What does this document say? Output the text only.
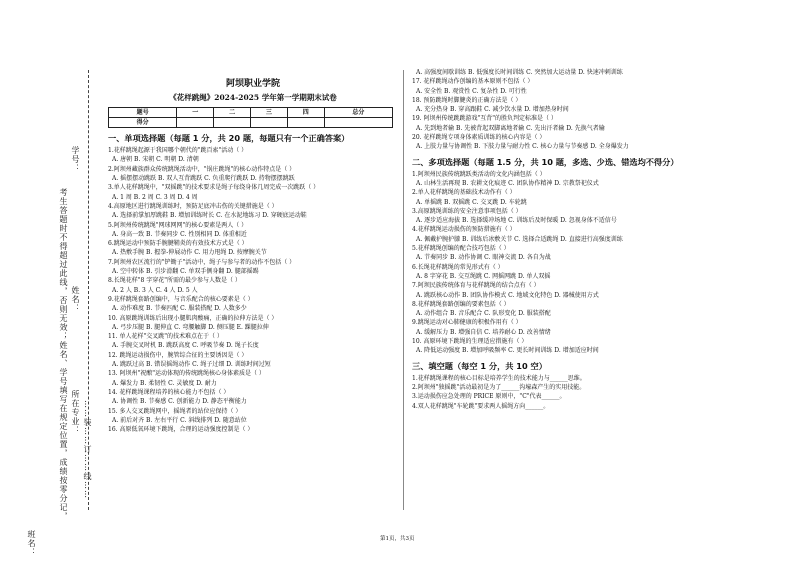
学号：
姓名：
考生答题时不得超过此线，否则无效；姓名、学号填写在规定位置，成绩按零分记， 所在专业： ……装……订……线……
班名：
阿坝职业学院
《花样跳绳》2024-2025 学年第一学期期末试卷
题号	一	二	三	四	总分
得分					
一、单项选择题（每题 1 分，共 20 题，每题只有一个正确答案）
1.花样跳绳起源于我国哪个朝代的"跳百索"活动（ ）
A. 唐朝 B. 宋朝 C. 明朝 D. 清朝
2.阿坝州藏族群众传统跳绳活动中，"锅庄跳绳"的核心动作特点是（ ）
A. 摇摆摆动跳跃 B. 双人互背跳跃 C. 负重爬行跳跃 D. 持物摆摆跳跃
3.单人花样跳绳中，"双摇跳"的技术要求是绳子每绕身体几周完成一次跳跃（ ）
A. 1 周 B. 2 周 C. 3 周 D. 4 周
4.高原地区进行跳绳训练时，预防足底冲击伤的关键措施是（ ）
A. 选择前掌加厚跳鞋 B. 增加训练时长 C. 在水泥地练习 D. 穿硬底运动鞋
5.阿坝州传统跳绳"网球网网"的核心要素是两人（ ）
A. 身高一致 B. 节奏同步 C. 性别相同 D. 体重相近
6.跳绳运动中预防手腕腱鞘炎的有效技术方式是（ ）
A. 热敷手腕 B. 握拳-伸展动作 C. 用力甩绳 D. 按摩腕关节
7.阿坝州农区流行的"铲锄子"活动中，绳子与参与者的动作不包括（ ）
A. 空中转体 B. 引步滑翻 C. 单双手侧身翻 D. 腿部摇踢
8.长绳花样"8 字穿花"所需的最少参与人数是（ ）
A. 2 人 B. 3 人 C. 4 人 D. 5 人
9.花样跳绳套路创编中，与音乐配合的核心要素是（ ）
A. 动作难度 B. 节奏匹配 C. 服装搭配 D. 人数多少
10. 高原跳绳训练后出现小腿肌肉酸痛，正确的拉伸方法是（ ）
A. 弓步压腿 B. 腿伸直 C. 弯腰触脚 D. 侧压腿 E. 踝腿拉伸
11. 单人花样"交叉跳"的技术难点在于（ ）
A. 手腕交叉时机 B. 跳跃高度 C. 呼吸节奏 D. 绳子长度
12. 跳绳运动损伤中，腕管综合征的主要诱因是（ ）
A. 跳跃过高 B. 错误摇绳动作 C. 绳子过细 D. 训练时间过短
13. 阿坝州"祝酿"运动体现的传统跳绳核心身体素质是（ ）
A. 爆发力 B. 柔韧性 C. 灵敏度 D. 耐力
14. 花样跳绳课程培养的核心能力不包括（ ）
A. 协调性 B. 节奏感 C. 创新能力 D. 静态平衡能力
15. 多人交叉跳绳网中，摇绳者的站位应保持（ ）
A. 前后对齐 B. 左右平行 C. 斜线排列 D. 随意站位
16. 高原低氧环境下跳绳，合理的运动强度控制是（ ）
A. 高强度间歇训练 B. 低强度长时间训练 C. 突然加大运动量 D. 快速冲刺训练
17. 花样跳绳动作创编的基本原则不包括（ ）
A. 安全性 B. 观赏性 C. 复杂性 D. 可行性
18. 预防跳绳时脚腱炎的正确方法是（ ）
A. 充分热身 B. 穿高跟鞋 C. 减少饮水量 D. 增加热身时间
19. 阿坝州传统跳跳游戏"互背"的胜负判定标准是（ ）
A. 先到地者输 B. 先被背起双脚离地者输 C. 先出汗者输 D. 先换气者输
20. 花样跳绳专项身体素质训练的核心内容是（ ）
A. 上肢力量与协调性 B. 下肢力量与耐力性 C. 核心力量与节奏感 D. 全身爆发力
二、多项选择题（每题 1.5 分，共 10 题，多选、少选、错选均不得分）
1.阿坝州民族传统跳跃类活动的文化内涵包括（ ）
A. 山林生活再现 B. 农耕文化痕迹 C. 团队协作精神 D. 宗教祭祀仪式
2.单人花样跳绳的基础技术动作有（ ）
A. 单摇跳 B. 双摇跳 C. 交叉跳 D. 车轮跳
3.高原跳绳训练的安全注意事项包括（ ）
A. 逐步适应海拔 B. 选择缓冲场地 C. 训练后及时保暖 D. 忽视身体不适信号
4.花样跳绳运动损伤的预防措施有（ ）
A. 佩戴护腕护膝 B. 训练后冰敷关节 C. 选择合适跳绳 D. 直接进行高强度训练
5.花样跳绳创编的配合技巧包括（ ）
A. 节奏同步 B. 动作协调 C. 眼神交流 D. 各自为战
6.长绳花样跳绳的常见形式有（ ）
A. 8 字穿花 B. 交互绳跳 C. 网摇网跳 D. 单人双摇
7.阿坝民族传统体育与花样跳绳的结合点有（ ）
A. 跳跃核心动作 B. 团队协作模式 C. 地域文化特色 D. 器械使用方式
8.花样跳绳套路创编的要素包括（ ）
A. 动作组合 B. 音乐配合 C. 队形变化 D. 服装搭配
9.跳绳运动对心肺健康的积极作用有（ ）
A. 缓解压力 B. 增强自信 C. 培养耐心 D. 改善情绪
10. 高原环境下跳绳的生理适应措施有（ ）
A. 降低运动强度 B. 增加呼吸频率 C. 更长时间训练 D. 增加适应时间
三、填空题（每空 1 分，共 10 空）
1.花样跳绳课程的核心目标是培养学生的技术能力与______思维。
2.阿坝州"独摇跳"活动最初是为了______沟壕森产生的实用技能。
3.运动损伤应急处理的 PRICE 原则中，"C"代表______。
4.双人花样跳绳"车轮跳"要求两人摇绳方向______。
第1页，共3页
